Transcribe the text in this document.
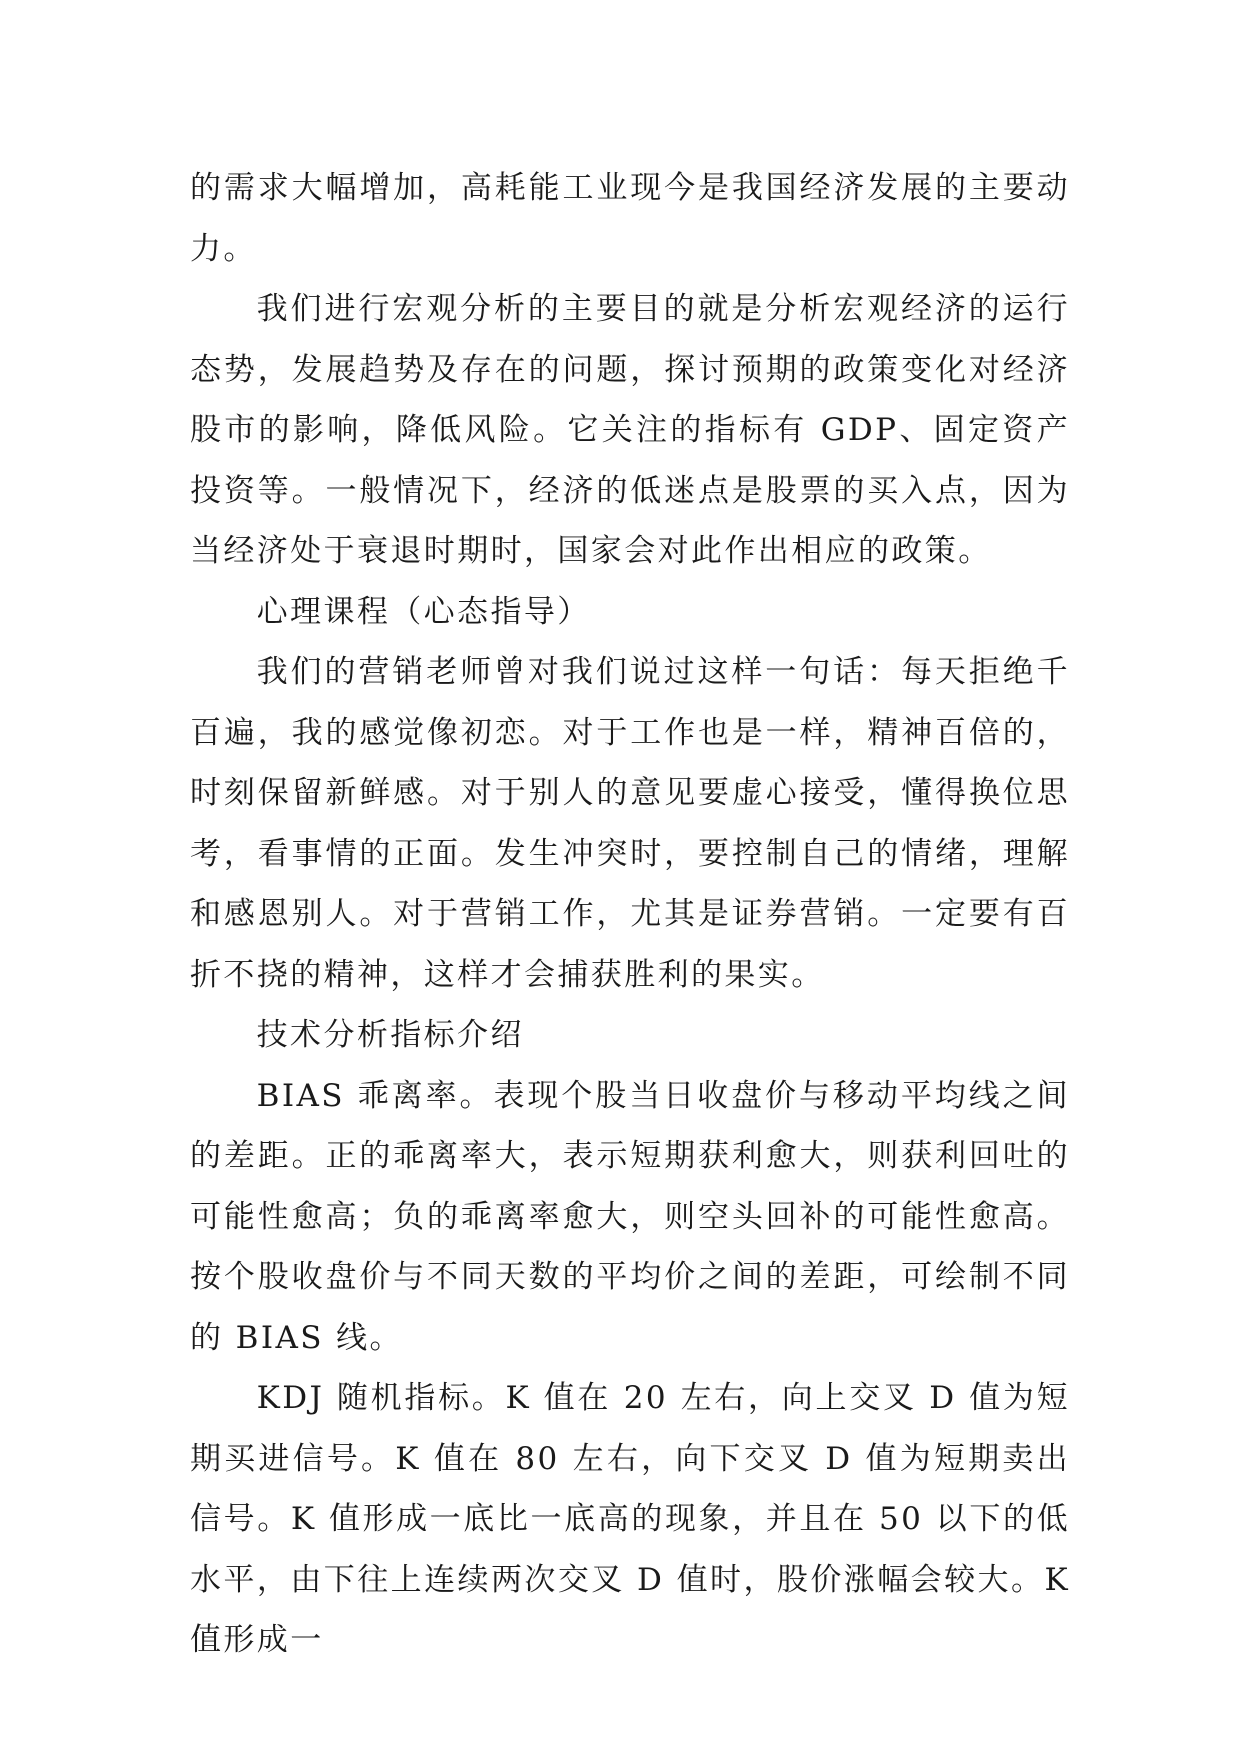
的需求大幅增加，高耗能工业现今是我国经济发展的主要动力。

我们进行宏观分析的主要目的就是分析宏观经济的运行态势，发展趋势及存在的问题，探讨预期的政策变化对经济股市的影响，降低风险。它关注的指标有 GDP、固定资产投资等。一般情况下，经济的低迷点是股票的买入点，因为当经济处于衰退时期时，国家会对此作出相应的政策。

心理课程（心态指导）

我们的营销老师曾对我们说过这样一句话：每天拒绝千百遍，我的感觉像初恋。对于工作也是一样，精神百倍的，时刻保留新鲜感。对于别人的意见要虚心接受，懂得换位思考，看事情的正面。发生冲突时，要控制自己的情绪，理解和感恩别人。对于营销工作，尤其是证券营销。一定要有百折不挠的精神，这样才会捕获胜利的果实。

技术分析指标介绍

BIAS 乖离率。表现个股当日收盘价与移动平均线之间的差距。正的乖离率大，表示短期获利愈大，则获利回吐的可能性愈高；负的乖离率愈大，则空头回补的可能性愈高。按个股收盘价与不同天数的平均价之间的差距，可绘制不同的 BIAS 线。

KDJ 随机指标。K 值在 20 左右，向上交叉 D 值为短期买进信号。K 值在 80 左右，向下交叉 D 值为短期卖出信号。K 值形成一底比一底高的现象，并且在 50 以下的低水平，由下往上连续两次交叉 D 值时，股价涨幅会较大。K 值形成一
